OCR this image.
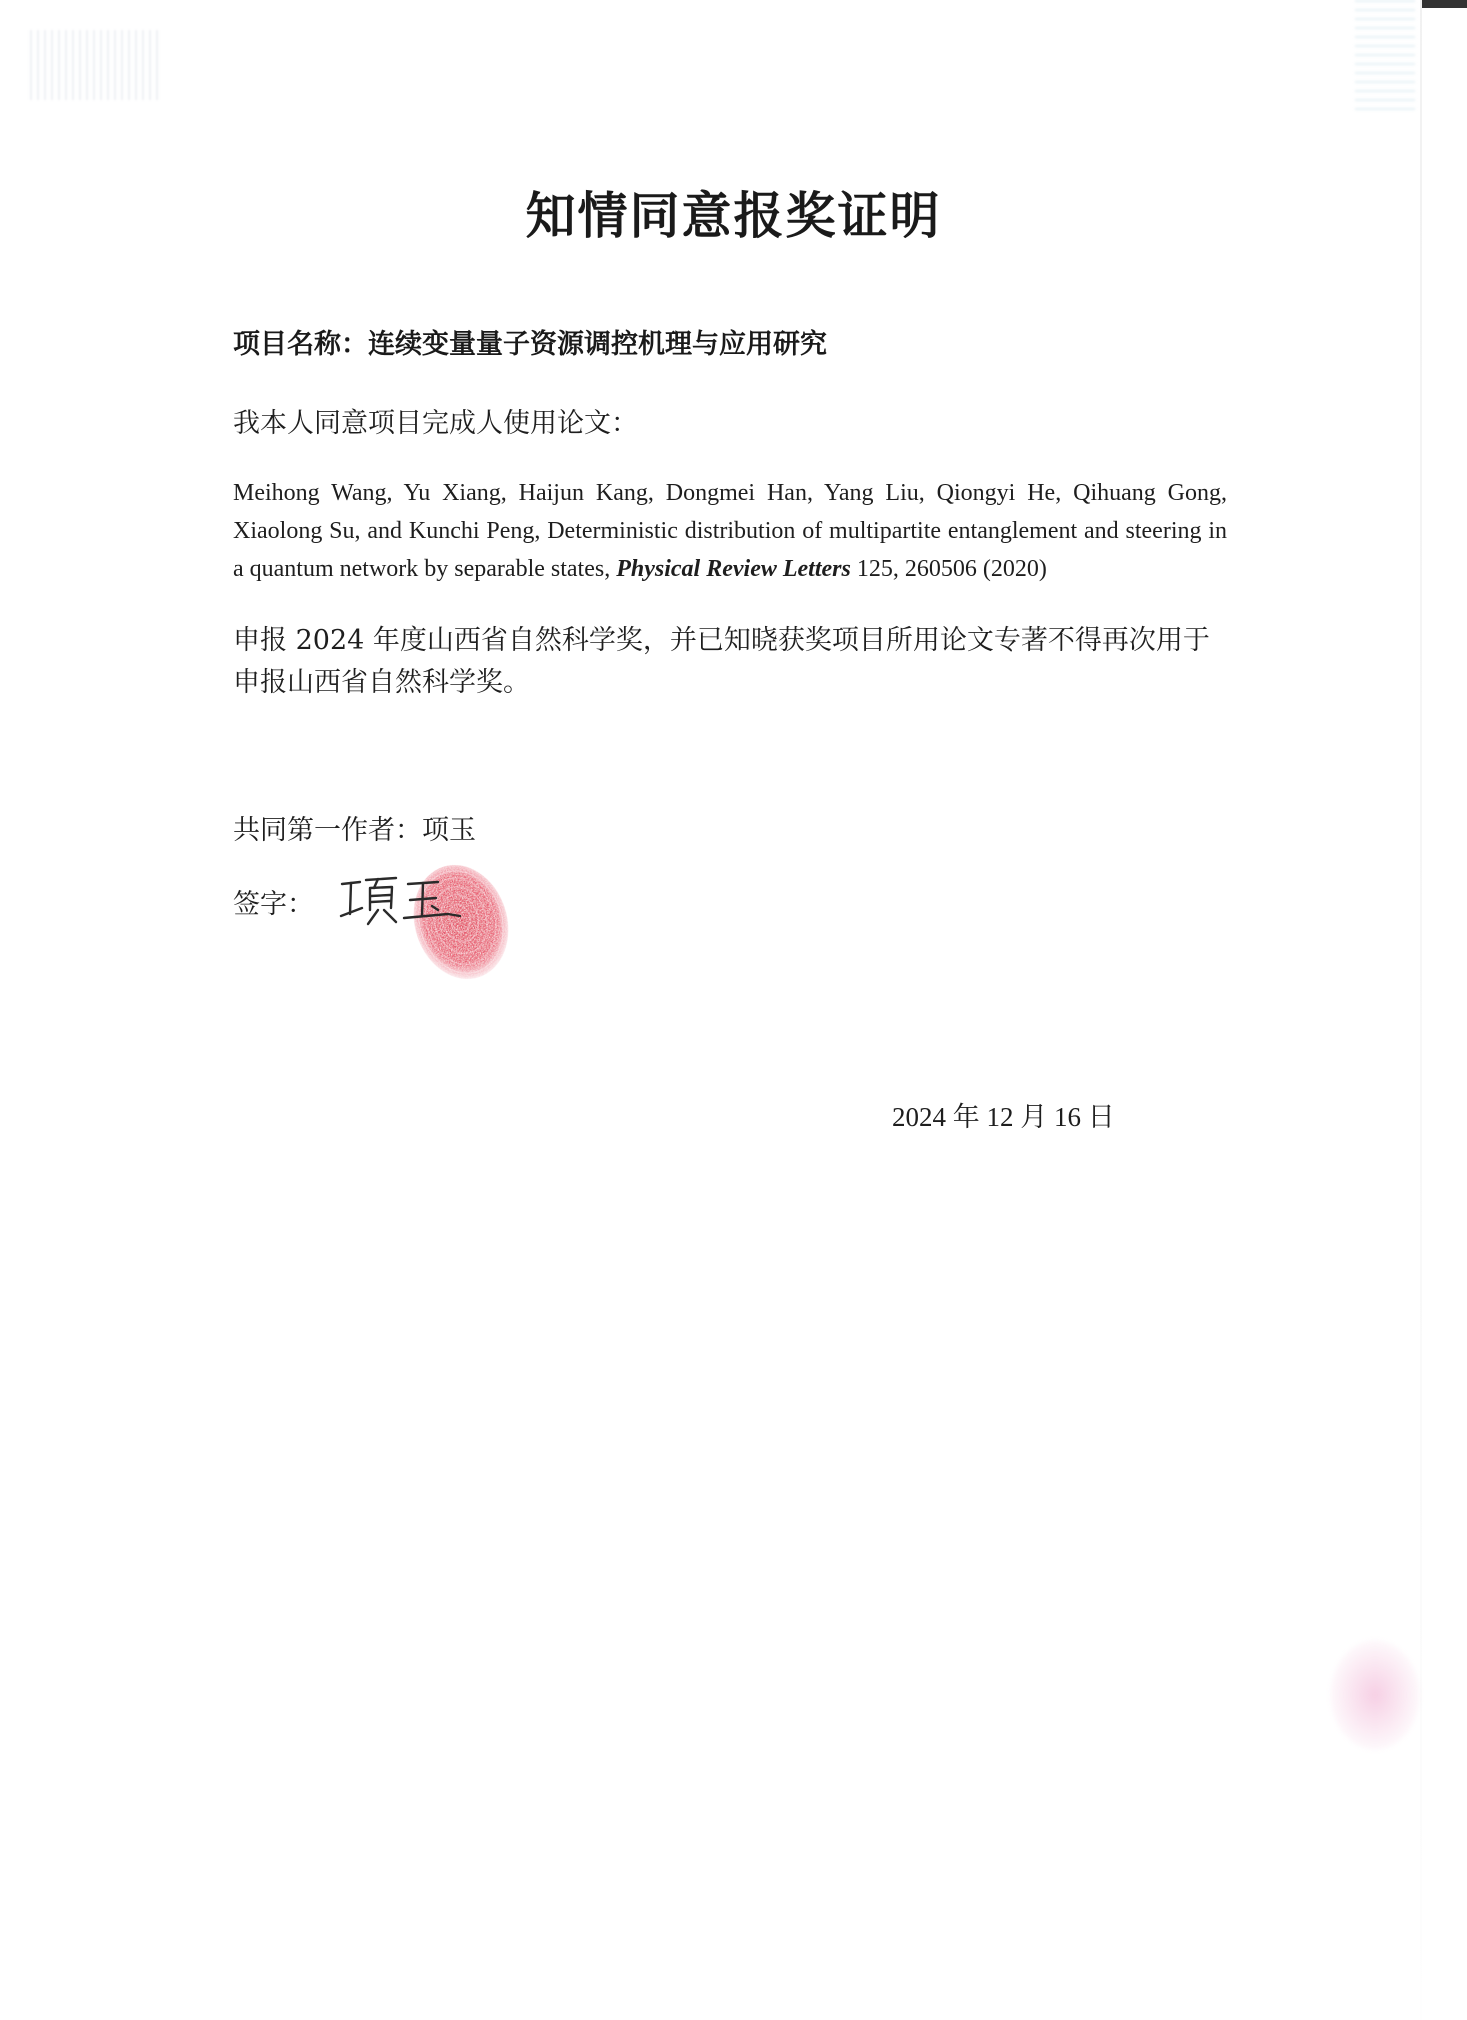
知情同意报奖证明
项目名称：连续变量量子资源调控机理与应用研究
我本人同意项目完成人使用论文：
Meihong Wang, Yu Xiang, Haijun Kang, Dongmei Han, Yang Liu, Qiongyi He, Qihuang Gong, Xiaolong Su, and Kunchi Peng, Deterministic distribution of multipartite entanglement and steering in a quantum network by separable states, Physical Review Letters 125, 260506 (2020)
申报 2024 年度山西省自然科学奖，并已知晓获奖项目所用论文专著不得再次用于申报山西省自然科学奖。
共同第一作者：项玉
签字：
2024 年 12 月 16 日
